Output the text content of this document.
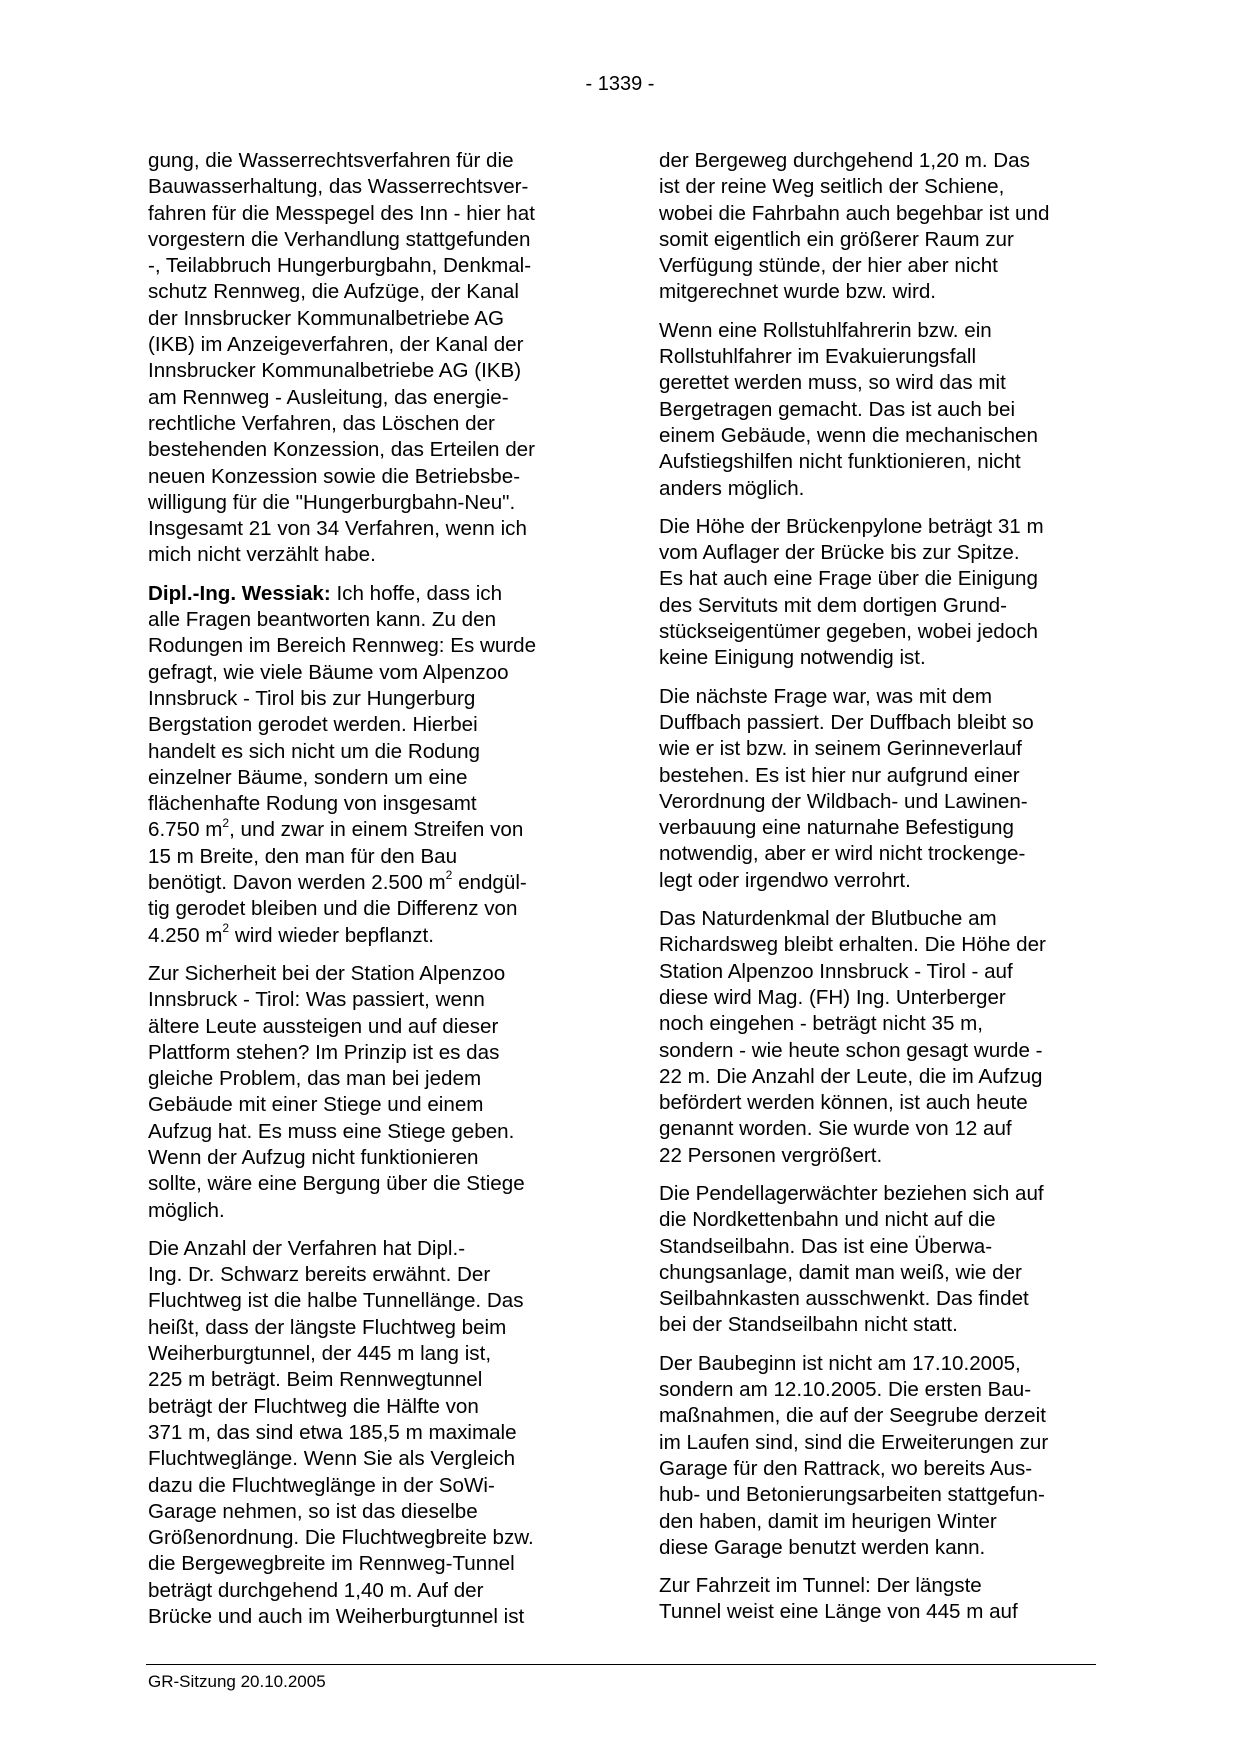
- 1339 -
gung, die Wasserrechtsverfahren für die
Bauwasserhaltung, das Wasserrechtsver-
fahren für die Messpegel des Inn - hier hat
vorgestern die Verhandlung stattgefunden
-, Teilabbruch Hungerburgbahn, Denkmal-
schutz Rennweg, die Aufzüge, der Kanal
der Innsbrucker Kommunalbetriebe AG
(IKB) im Anzeigeverfahren, der Kanal der
Innsbrucker Kommunalbetriebe AG (IKB)
am Rennweg - Ausleitung, das energie-
rechtliche Verfahren, das Löschen der
bestehenden Konzession, das Erteilen der
neuen Konzession sowie die Betriebsbe-
willigung für die "Hungerburgbahn-Neu".
Insgesamt 21 von 34 Verfahren, wenn ich
mich nicht verzählt habe.
Dipl.-Ing. Wessiak: Ich hoffe, dass ich
alle Fragen beantworten kann. Zu den
Rodungen im Bereich Rennweg: Es wurde
gefragt, wie viele Bäume vom Alpenzoo
Innsbruck - Tirol bis zur Hungerburg
Bergstation gerodet werden. Hierbei
handelt es sich nicht um die Rodung
einzelner Bäume, sondern um eine
flächenhafte Rodung von insgesamt
6.750 $m^2$, und zwar in einem Streifen von
15 m Breite, den man für den Bau
benötigt. Davon werden 2.500 $m^2$ endgül-
tig gerodet bleiben und die Differenz von
4.250 $m^2$ wird wieder bepflanzt.
Zur Sicherheit bei der Station Alpenzoo
Innsbruck - Tirol: Was passiert, wenn
ältere Leute aussteigen und auf dieser
Plattform stehen? Im Prinzip ist es das
gleiche Problem, das man bei jedem
Gebäude mit einer Stiege und einem
Aufzug hat. Es muss eine Stiege geben.
Wenn der Aufzug nicht funktionieren
sollte, wäre eine Bergung über die Stiege
möglich.
Die Anzahl der Verfahren hat Dipl.-
Ing. Dr. Schwarz bereits erwähnt. Der
Fluchtweg ist die halbe Tunnellänge. Das
heißt, dass der längste Fluchtweg beim
Weiherburgtunnel, der 445 m lang ist,
225 m beträgt. Beim Rennwegtunnel
beträgt der Fluchtweg die Hälfte von
371 m, das sind etwa 185,5 m maximale
Fluchtweglänge. Wenn Sie als Vergleich
dazu die Fluchtweglänge in der SoWi-
Garage nehmen, so ist das dieselbe
Größenordnung. Die Fluchtwegbreite bzw.
die Bergewegbreite im Rennweg-Tunnel
beträgt durchgehend 1,40 m. Auf der
Brücke und auch im Weiherburgtunnel ist
der Bergeweg durchgehend 1,20 m. Das
ist der reine Weg seitlich der Schiene,
wobei die Fahrbahn auch begehbar ist und
somit eigentlich ein größerer Raum zur
Verfügung stünde, der hier aber nicht
mitgerechnet wurde bzw. wird.
Wenn eine Rollstuhlfahrerin bzw. ein
Rollstuhlfahrer im Evakuierungsfall
gerettet werden muss, so wird das mit
Bergetragen gemacht. Das ist auch bei
einem Gebäude, wenn die mechanischen
Aufstiegshilfen nicht funktionieren, nicht
anders möglich.
Die Höhe der Brückenpylone beträgt 31 m
vom Auflager der Brücke bis zur Spitze.
Es hat auch eine Frage über die Einigung
des Servituts mit dem dortigen Grund-
stückseigentümer gegeben, wobei jedoch
keine Einigung notwendig ist.
Die nächste Frage war, was mit dem
Duffbach passiert. Der Duffbach bleibt so
wie er ist bzw. in seinem Gerinneverlauf
bestehen. Es ist hier nur aufgrund einer
Verordnung der Wildbach- und Lawinen-
verbauung eine naturnahe Befestigung
notwendig, aber er wird nicht trockenge-
legt oder irgendwo verrohrt.
Das Naturdenkmal der Blutbuche am
Richardsweg bleibt erhalten. Die Höhe der
Station Alpenzoo Innsbruck - Tirol - auf
diese wird Mag. (FH) Ing. Unterberger
noch eingehen - beträgt nicht 35 m,
sondern - wie heute schon gesagt wurde -
22 m. Die Anzahl der Leute, die im Aufzug
befördert werden können, ist auch heute
genannt worden. Sie wurde von 12 auf
22 Personen vergrößert.
Die Pendellagerwächter beziehen sich auf
die Nordkettenbahn und nicht auf die
Standseilbahn. Das ist eine Überwa-
chungsanlage, damit man weiß, wie der
Seilbahnkasten ausschwenkt. Das findet
bei der Standseilbahn nicht statt.
Der Baubeginn ist nicht am 17.10.2005,
sondern am 12.10.2005. Die ersten Bau-
maßnahmen, die auf der Seegrube derzeit
im Laufen sind, sind die Erweiterungen zur
Garage für den Rattrack, wo bereits Aus-
hub- und Betonierungsarbeiten stattgefun-
den haben, damit im heurigen Winter
diese Garage benutzt werden kann.
Zur Fahrzeit im Tunnel: Der längste
Tunnel weist eine Länge von 445 m auf
GR-Sitzung 20.10.2005
